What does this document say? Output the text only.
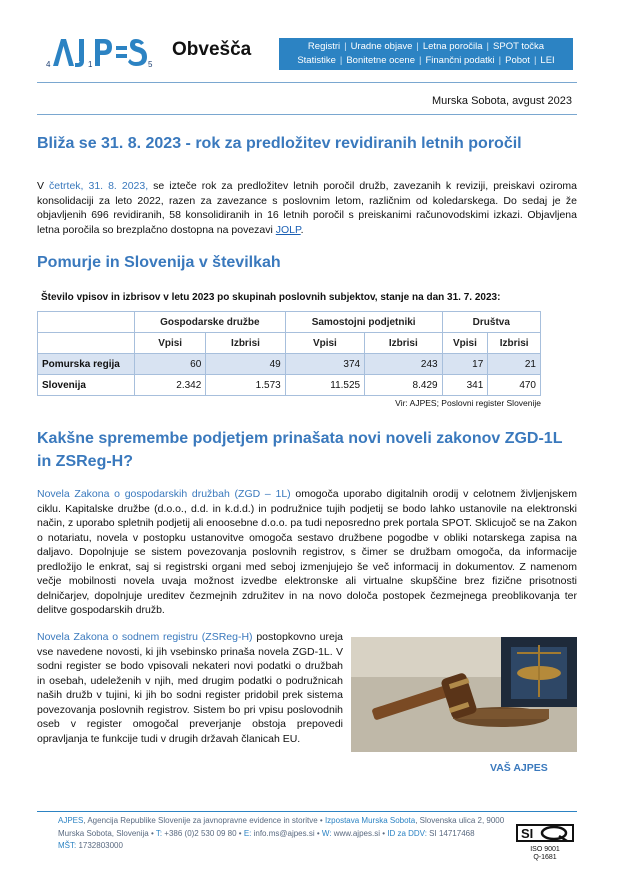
4	1	5
Obvešča	Registri | Uradne objave | Letna poročila | SPOT točka
Statistike | Bonitetne ocene | Finančni podatki | Pobot | LEI
Murska Sobota, avgust 2023
Bliža se 31. 8. 2023 - rok za predložitev revidiranih letnih poročil
V četrtek, 31. 8. 2023, se izteče rok za predložitev letnih poročil družb, zavezanih k reviziji, preiskavi oziroma konsolidaciji za leto 2022, razen za zavezance s poslovnim letom, različnim od koledarskega. Do sedaj je že objavljenih 696 revidiranih, 58 konsolidiranih in 16 letnih poročil s preiskanimi računovodskimi izkazi. Objavljena letna poročila so brezplačno dostopna na povezavi JOLP.
Pomurje in Slovenija v številkah
Število vpisov in izbrisov v letu 2023 po skupinah poslovnih subjektov, stanje na dan 31. 7. 2023:
	Gospodarske družbe		Samostojni podjetniki		Društva	
	Vpisi	Izbrisi	Vpisi	Izbrisi	Vpisi	Izbrisi
Pomurska regija	60	49	374	243	17	21
Slovenija	2.342	1.573	11.525	8.429	341	470
Vir: AJPES; Poslovni register Slovenije
Kakšne spremembe podjetjem prinašata novi noveli zakonov ZGD-1L in ZSReg-H?
Novela Zakona o gospodarskih družbah (ZGD – 1L) omogoča uporabo digitalnih orodij v celotnem življenjskem ciklu. Kapitalske družbe (d.o.o., d.d. in k.d.d.) in podružnice tujih podjetij se bodo lahko ustanovile na elektronski način, z uporabo spletnih podjetij ali enoosebne d.o.o. pa tudi neposredno prek portala SPOT. Sklicujoč se na Zakon o notariatu, novela v postopku ustanovitve omogoča sestavo družbene pogodbe v obliki notarskega zapisa na daljavo. Dopolnjuje se sistem povezovanja poslovnih registrov, s čimer se družbam omogoča, da informacije predložijo le enkrat, saj si registrski organi med seboj izmenjujejo še več informacij in dokumentov. Z namenom večje mobilnosti novela uvaja možnost izvedbe elektronske ali virtualne skupščine brez fizične prisotnosti delničarjev, dopolnjuje ureditev čezmejnih združitev in na novo določa postopek čezmejnega preoblikovanja ter delitve gospodarskih družb.
Novela Zakona o sodnem registru (ZSReg-H) postopkovno ureja vse navedene novosti, ki jih vsebinsko prinaša novela ZGD-1L. V sodni register se bodo vpisovali nekateri novi podatki o družbah in osebah, udeleženih v njih, med drugim podatki o podružnicah naših družb v tujini, ki jih bo sodni register pridobil prek sistema povezovanja poslovnih registrov. Sistem bo pri vpisu poslovodnih oseb v register omogočal preverjanje obstoja prepovedi opravljanja te funkcije tudi v drugih državah članicah EU.
VAŠ AJPES
AJPES, Agencija Republike Slovenije za javnopravne evidence in storitve • Izpostava Murska Sobota, Slovenska ulica 2, 9000 Murska Sobota, Slovenija • T: +386 (0)2 530 09 80 • E: info.ms@ajpes.si • W: www.ajpes.si • ID za DDV: SI 14717468
MŠT: 1732803000
SI
ISO 9001
Q-1681
